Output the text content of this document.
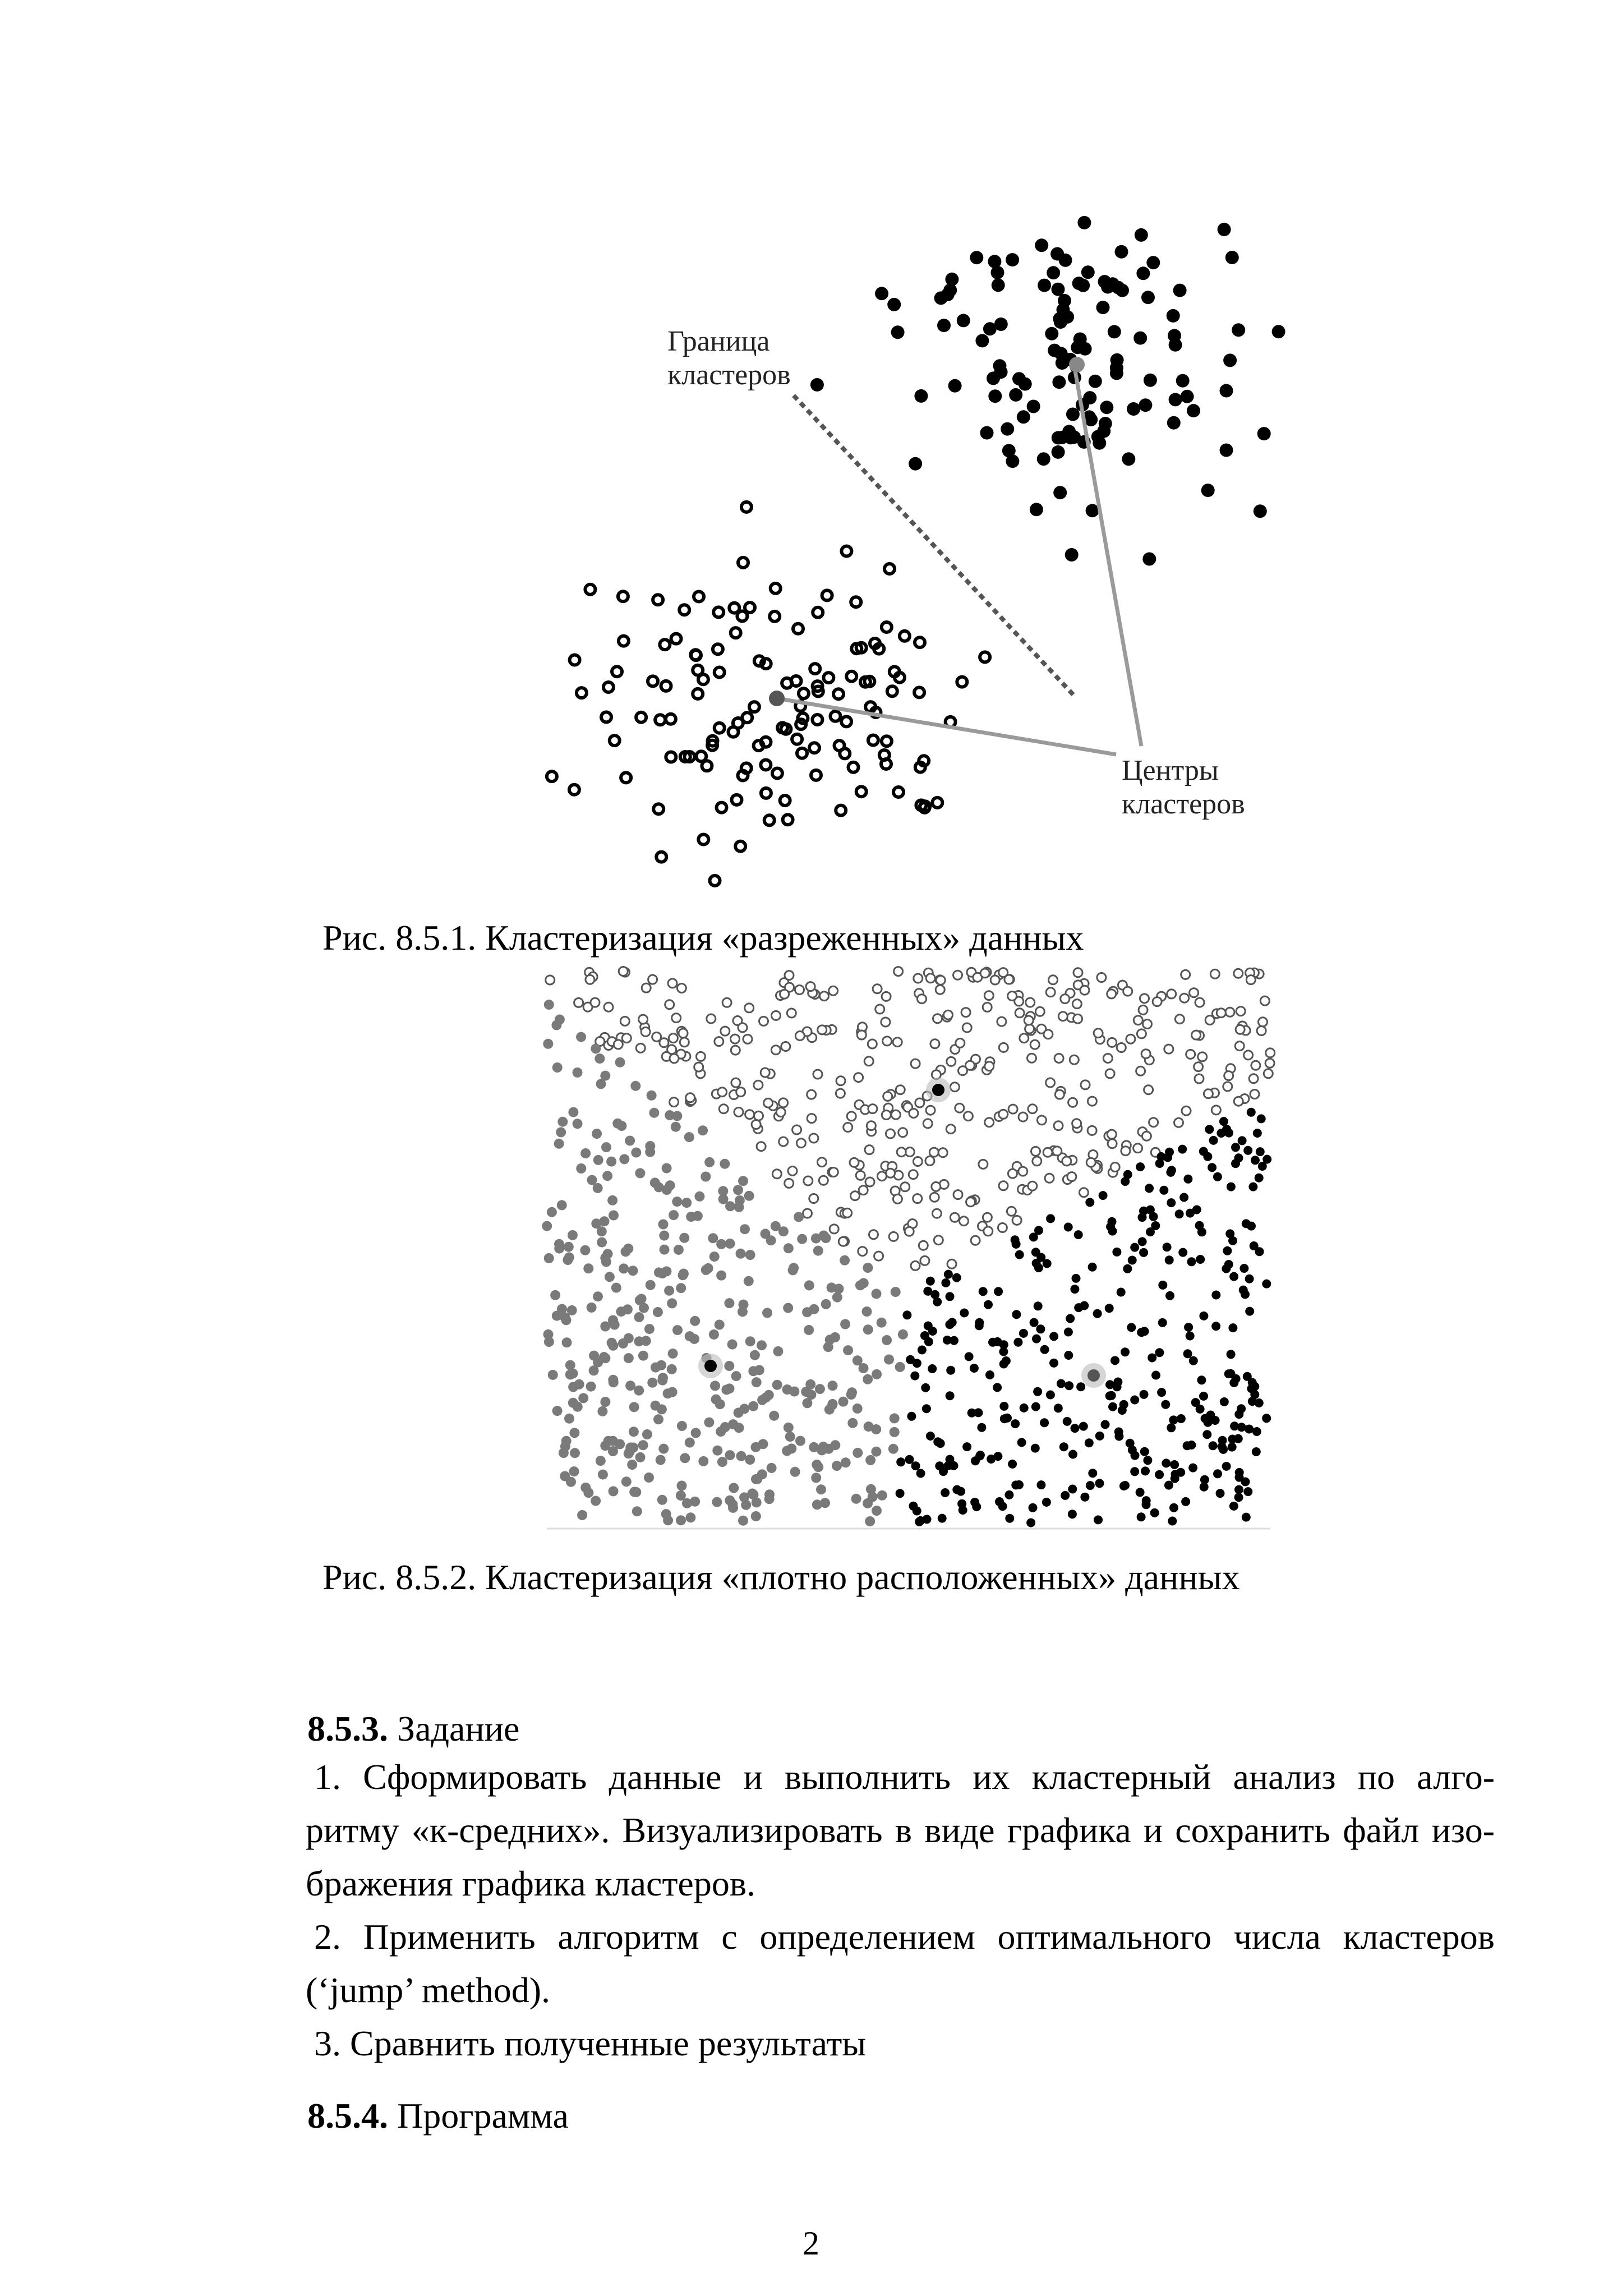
Граница
кластеров
Центры
кластеров
Рис. 8.5.1. Кластеризация «разреженных» данных
Рис. 8.5.2. Кластеризация «плотно расположенных» данных
8.5.3. Задание
1. Сформировать данные и выполнить их кластерный анализ по алго-
ритму «к-средних». Визуализировать в виде графика и сохранить файл изо-
бражения графика кластеров.
2. Применить алгоритм с определением оптимального числа кластеров
(‘jump’ method).
3. Сравнить полученные результаты
8.5.4. Программа
2
